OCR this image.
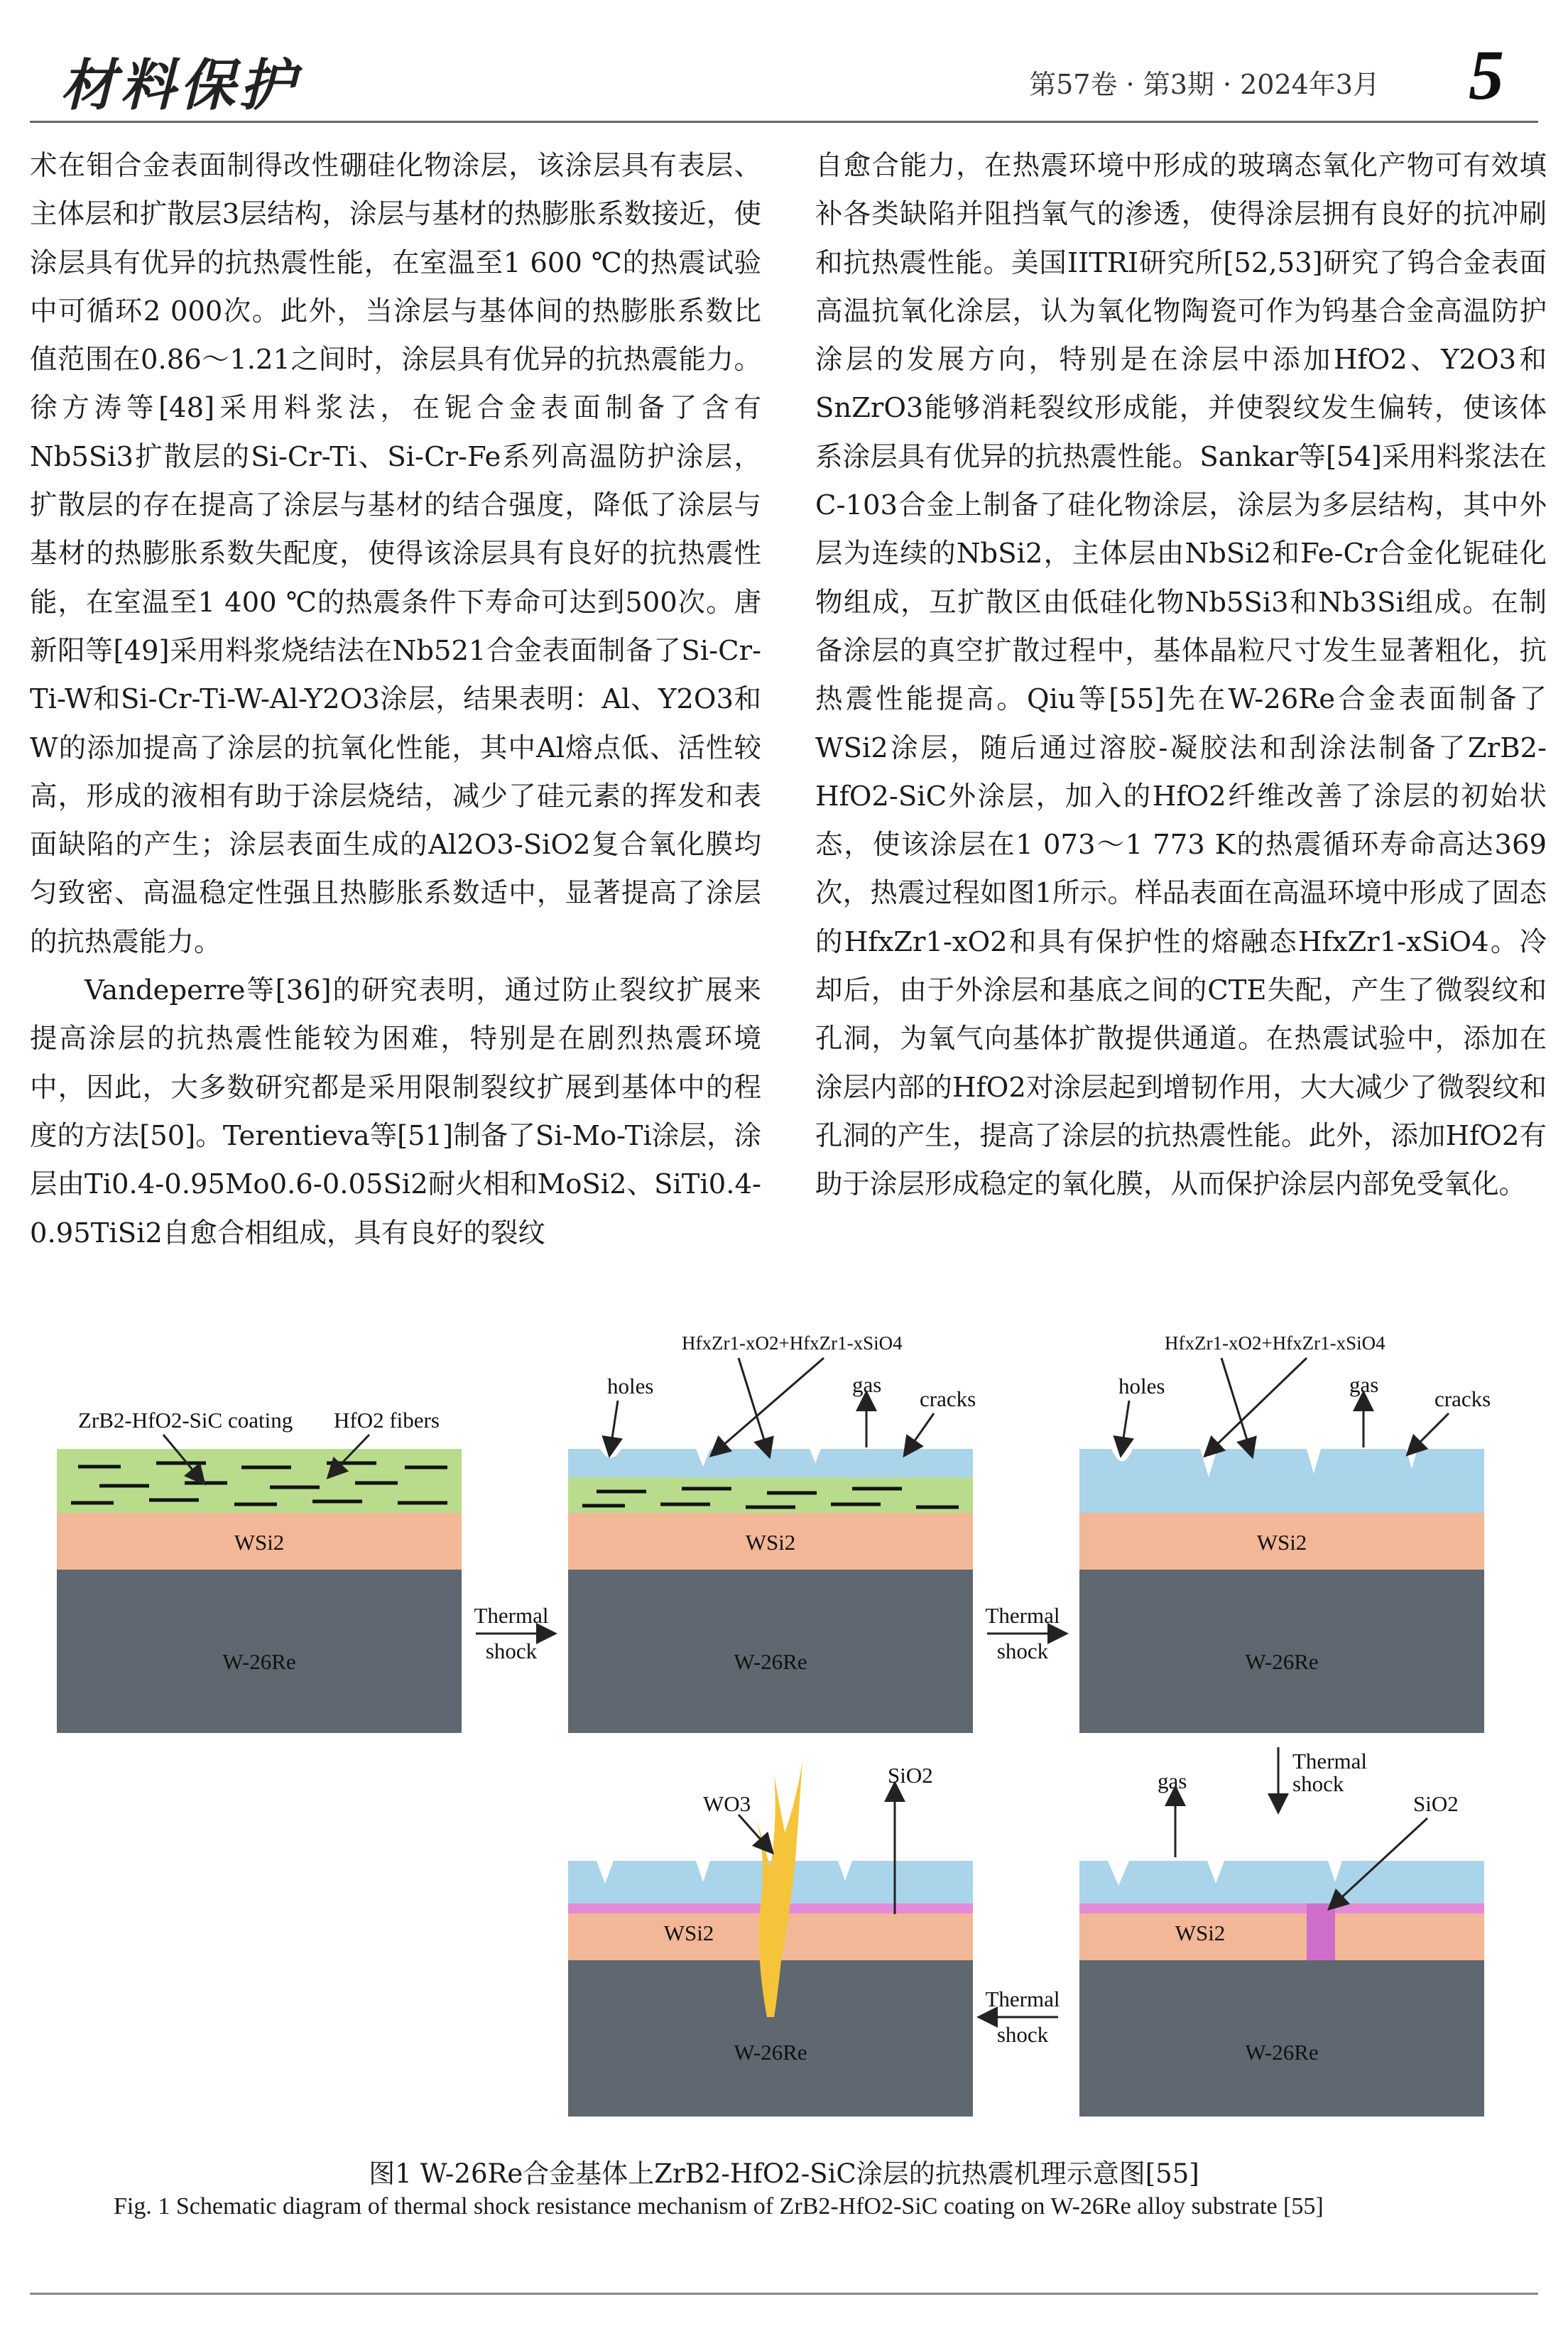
材料保护	第57卷 · 第3期 · 2024年3月 5

术在钼合金表面制得改性硼硅化物涂层，该涂层具有表层、主体层和扩散层3层结构，涂层与基材的热膨胀系数接近，使涂层具有优异的抗热震性能，在室温至1 600 ℃的热震试验中可循环2 000次。此外，当涂层与基体间的热膨胀系数比值范围在0.86～1.21之间时，涂层具有优异的抗热震能力。徐方涛等[48]采用料浆法，在铌合金表面制备了含有Nb5Si3扩散层的Si-Cr-Ti、Si-Cr-Fe系列高温防护涂层，扩散层的存在提高了涂层与基材的结合强度，降低了涂层与基材的热膨胀系数失配度，使得该涂层具有良好的抗热震性能，在室温至1 400 ℃的热震条件下寿命可达到500次。唐新阳等[49]采用料浆烧结法在Nb521合金表面制备了Si-Cr-Ti-W和Si-Cr-Ti-W-Al-Y2O3涂层，结果表明：Al、Y2O3和W的添加提高了涂层的抗氧化性能，其中Al熔点低、活性较高，形成的液相有助于涂层烧结，减少了硅元素的挥发和表面缺陷的产生；涂层表面生成的Al2O3-SiO2复合氧化膜均匀致密、高温稳定性强且热膨胀系数适中，显著提高了涂层的抗热震能力。

Vandeperre等[36]的研究表明，通过防止裂纹扩展来提高涂层的抗热震性能较为困难，特别是在剧烈热震环境中，因此，大多数研究都是采用限制裂纹扩展到基体中的程度的方法[50]。Terentieva等[51]制备了Si-Mo-Ti涂层，涂层由Ti0.4-0.95Mo0.6-0.05Si2耐火相和MoSi2、SiTi0.4-0.95TiSi2自愈合相组成，具有良好的裂纹

自愈合能力，在热震环境中形成的玻璃态氧化产物可有效填补各类缺陷并阻挡氧气的渗透，使得涂层拥有良好的抗冲刷和抗热震性能。美国IITRI研究所[52,53]研究了钨合金表面高温抗氧化涂层，认为氧化物陶瓷可作为钨基合金高温防护涂层的发展方向，特别是在涂层中添加HfO2、Y2O3和SnZrO3能够消耗裂纹形成能，并使裂纹发生偏转，使该体系涂层具有优异的抗热震性能。Sankar等[54]采用料浆法在C-103合金上制备了硅化物涂层，涂层为多层结构，其中外层为连续的NbSi2，主体层由NbSi2和Fe-Cr合金化铌硅化物组成，互扩散区由低硅化物Nb5Si3和Nb3Si组成。在制备涂层的真空扩散过程中，基体晶粒尺寸发生显著粗化，抗热震性能提高。Qiu等[55]先在W-26Re合金表面制备了WSi2涂层，随后通过溶胶-凝胶法和刮涂法制备了ZrB2-HfO2-SiC外涂层，加入的HfO2纤维改善了涂层的初始状态，使该涂层在1 073～1 773 K的热震循环寿命高达369次，热震过程如图1所示。样品表面在高温环境中形成了固态的HfxZr1-xO2和具有保护性的熔融态HfxZr1-xSiO4。冷却后，由于外涂层和基底之间的CTE失配，产生了微裂纹和孔洞，为氧气向基体扩散提供通道。在热震试验中，添加在涂层内部的HfO2对涂层起到增韧作用，大大减少了微裂纹和孔洞的产生，提高了涂层的抗热震性能。此外，添加HfO2有助于涂层形成稳定的氧化膜，从而保护涂层内部免受氧化。

WSi2
W-26Re
ZrB2-HfO2-SiC coating HfO2 fibers
Thermal
shock
WSi2
W-26Re
HfxZr1-xO2+HfxZr1-xSiO4
holes	gas
cracks
Thermal
shock
WSi2
W-26Re
HfxZr1-xO2+HfxZr1-xSiO4
holes	gas
cracks
Thermal
shock
WSi2
W-26Re
gas
SiO2
Thermal
shock
WSi2
W-26Re
WO3
SiO2
图1 W-26Re合金基体上ZrB2-HfO2-SiC涂层的抗热震机理示意图[55]
Fig. 1 Schematic diagram of thermal shock resistance mechanism of ZrB2-HfO2-SiC coating on W-26Re alloy substrate [55]
